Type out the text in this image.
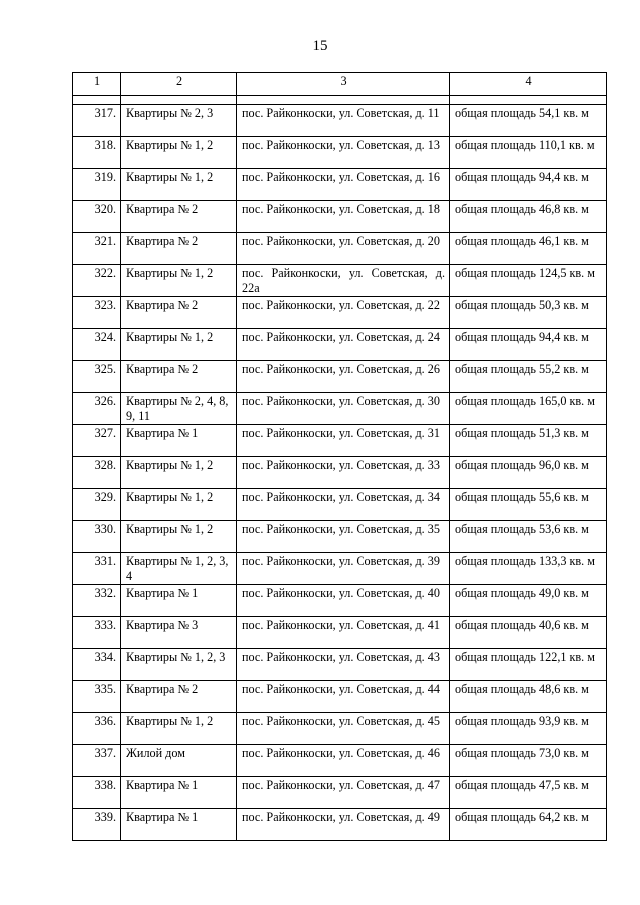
15
1	2	3	4

317.	Квартиры № 2, 3	пос. Райконкоски, ул. Советская, д. 11	общая площадь 54,1 кв. м
318.	Квартиры № 1, 2	пос. Райконкоски, ул. Советская, д. 13	общая площадь 110,1 кв. м
319.	Квартиры № 1, 2	пос. Райконкоски, ул. Советская, д. 16	общая площадь 94,4 кв. м
320.	Квартира № 2	пос. Райконкоски, ул. Советская, д. 18	общая площадь 46,8 кв. м
321.	Квартира № 2	пос. Райконкоски, ул. Советская, д. 20	общая площадь 46,1 кв. м
322.	Квартиры № 1, 2	пос. Райконкоски, ул. Советская, д. 22а	общая площадь 124,5 кв. м
323.	Квартира № 2	пос. Райконкоски, ул. Советская, д. 22	общая площадь 50,3 кв. м
324.	Квартиры № 1, 2	пос. Райконкоски, ул. Советская, д. 24	общая площадь 94,4 кв. м
325.	Квартира № 2	пос. Райконкоски, ул. Советская, д. 26	общая площадь 55,2 кв. м
326.	Квартиры № 2, 4, 8, 9, 11	пос. Райконкоски, ул. Советская, д. 30	общая площадь 165,0 кв. м
327.	Квартира № 1	пос. Райконкоски, ул. Советская, д. 31	общая площадь 51,3 кв. м
328.	Квартиры № 1, 2	пос. Райконкоски, ул. Советская, д. 33	общая площадь 96,0 кв. м
329.	Квартиры № 1, 2	пос. Райконкоски, ул. Советская, д. 34	общая площадь 55,6 кв. м
330.	Квартиры № 1, 2	пос. Райконкоски, ул. Советская, д. 35	общая площадь 53,6 кв. м
331.	Квартиры № 1, 2, 3, 4	пос. Райконкоски, ул. Советская, д. 39	общая площадь 133,3 кв. м
332.	Квартира № 1	пос. Райконкоски, ул. Советская, д. 40	общая площадь 49,0 кв. м
333.	Квартира № 3	пос. Райконкоски, ул. Советская, д. 41	общая площадь 40,6 кв. м
334.	Квартиры № 1, 2, 3	пос. Райконкоски, ул. Советская, д. 43	общая площадь 122,1 кв. м
335.	Квартира № 2	пос. Райконкоски, ул. Советская, д. 44	общая площадь 48,6 кв. м
336.	Квартиры № 1, 2	пос. Райконкоски, ул. Советская, д. 45	общая площадь 93,9 кв. м
337.	Жилой дом	пос. Райконкоски, ул. Советская, д. 46	общая площадь 73,0 кв. м
338.	Квартира № 1	пос. Райконкоски, ул. Советская, д. 47	общая площадь 47,5 кв. м
339.	Квартира № 1	пос. Райконкоски, ул. Советская, д. 49	общая площадь 64,2 кв. м
